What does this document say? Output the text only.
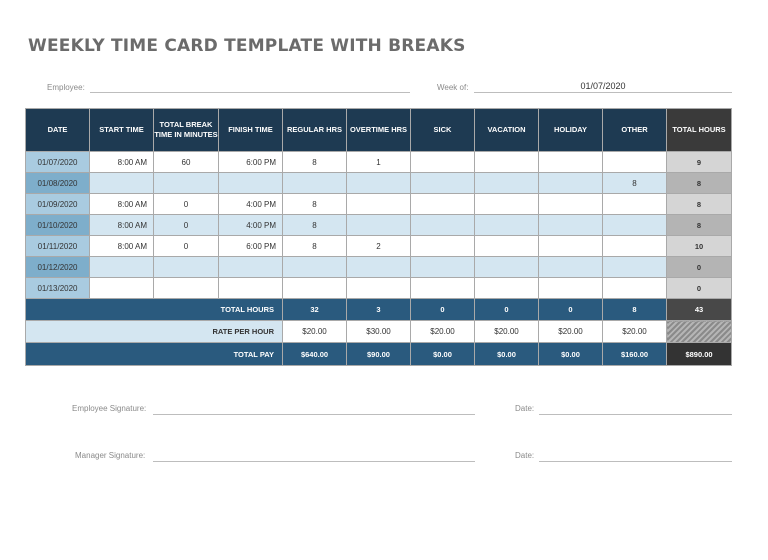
WEEKLY TIME CARD TEMPLATE WITH BREAKS
Employee:	Week of:	01/07/2020
DATE	START TIME	TOTAL BREAK TIME IN MINUTES	FINISH TIME	REGULAR HRS	OVERTIME HRS	SICK	VACATION	HOLIDAY	OTHER	TOTAL HOURS
01/07/2020	8:00 AM	60	6:00 PM	8	1					9
01/08/2020									8	8
01/09/2020	8:00 AM	0	4:00 PM	8						8
01/10/2020	8:00 AM	0	4:00 PM	8						8
01/11/2020	8:00 AM	0	6:00 PM	8	2					10
01/12/2020										0
01/13/2020										0
TOTAL HOURS				32	3	0	0	0	8	43
RATE PER HOUR				$20.00	$30.00	$20.00	$20.00	$20.00	$20.00	
TOTAL PAY				$640.00	$90.00	$0.00	$0.00	$0.00	$160.00	$890.00
Employee Signature:	Date:
Manager Signature:	Date:
